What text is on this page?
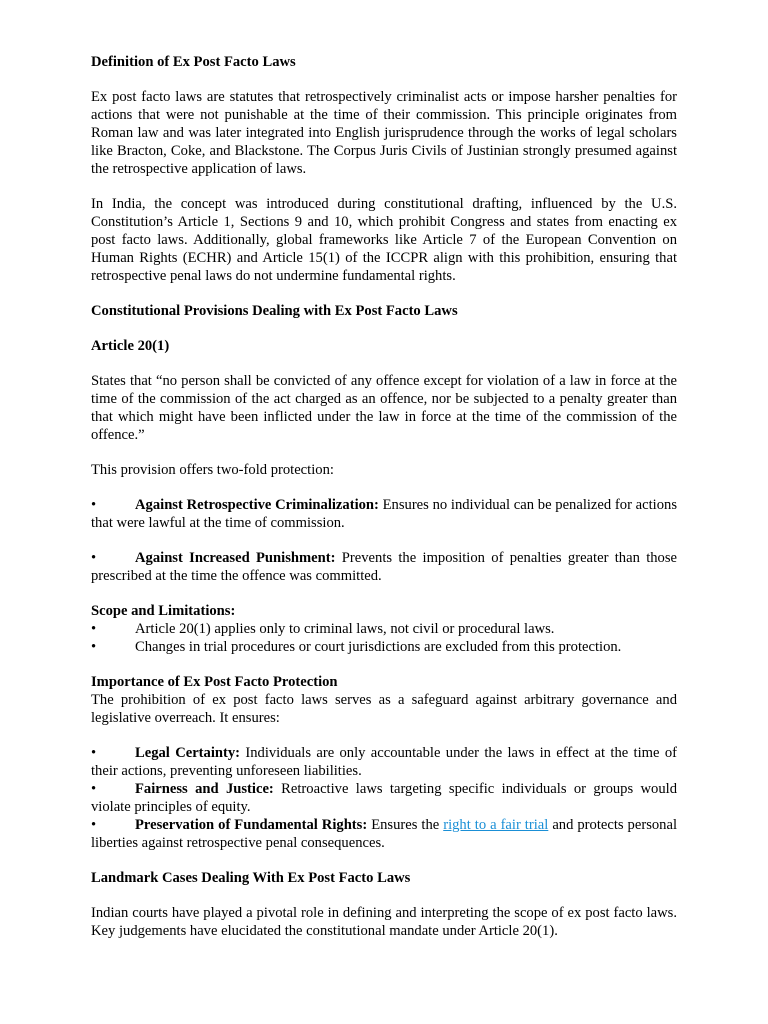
Definition of Ex Post Facto Laws

Ex post facto laws are statutes that retrospectively criminalist acts or impose harsher penalties for actions that were not punishable at the time of their commission. This principle originates from Roman law and was later integrated into English jurisprudence through the works of legal scholars like Bracton, Coke, and Blackstone. The Corpus Juris Civils of Justinian strongly presumed against the retrospective application of laws.

In India, the concept was introduced during constitutional drafting, influenced by the U.S. Constitution’s Article 1, Sections 9 and 10, which prohibit Congress and states from enacting ex post facto laws. Additionally, global frameworks like Article 7 of the European Convention on Human Rights (ECHR) and Article 15(1) of the ICCPR align with this prohibition, ensuring that retrospective penal laws do not undermine fundamental rights.

Constitutional Provisions Dealing with Ex Post Facto Laws

Article 20(1)

States that “no person shall be convicted of any offence except for violation of a law in force at the time of the commission of the act charged as an offence, nor be subjected to a penalty greater than that which might have been inflicted under the law in force at the time of the commission of the offence.”

This provision offers two-fold protection:

•	Against Retrospective Criminalization: Ensures no individual can be penalized for actions that were lawful at the time of commission.

•	Against Increased Punishment: Prevents the imposition of penalties greater than those prescribed at the time the offence was committed.

Scope and Limitations:

•	Article 20(1) applies only to criminal laws, not civil or procedural laws.

•	Changes in trial procedures or court jurisdictions are excluded from this protection.

Importance of Ex Post Facto Protection

The prohibition of ex post facto laws serves as a safeguard against arbitrary governance and legislative overreach. It ensures:

•	Legal Certainty: Individuals are only accountable under the laws in effect at the time of their actions, preventing unforeseen liabilities.

•	Fairness and Justice: Retroactive laws targeting specific individuals or groups would violate principles of equity.

•	Preservation of Fundamental Rights: Ensures the right to a fair trial and protects personal liberties against retrospective penal consequences.

Landmark Cases Dealing With Ex Post Facto Laws

Indian courts have played a pivotal role in defining and interpreting the scope of ex post facto laws. Key judgements have elucidated the constitutional mandate under Article 20(1).
